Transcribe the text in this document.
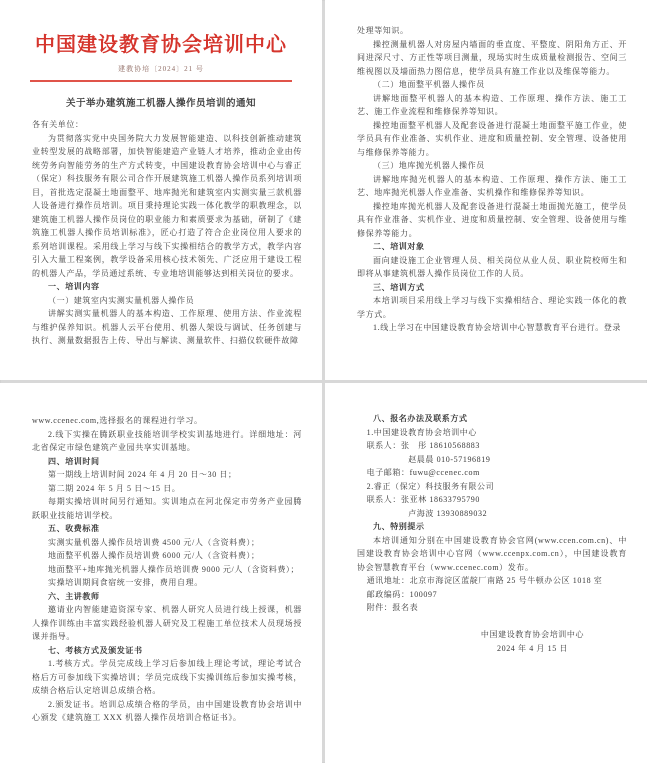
中国建设教育协会培训中心
建教协培〔2024〕21 号
关于举办建筑施工机器人操作员培训的通知

各有关单位：

为贯彻落实党中央国务院大力发展智能建造、以科技创新推动建筑业转型发展的战略部署，加快智能建造产业链人才培养，推动企业由传统劳务向智能劳务的生产方式转变，中国建设教育协会培训中心与睿正（保定）科技服务有限公司合作开展建筑施工机器人操作员系列培训项目，首批选定混凝土地面整平、地库抛光和建筑室内实测实量三款机器人设备进行操作员培训。项目秉持理论实践一体化教学的职教理念，以建筑施工机器人操作员岗位的职业能力和素质要求为基础，研制了《建筑施工机器人操作员培训标准》，匠心打造了符合企业岗位用人要求的系列培训课程。采用线上学习与线下实操相结合的教学方式，教学内容引入大量工程案例，教学设备采用核心技术领先、广泛应用于建设工程的机器人产品，学员通过系统、专业地培训能够达到相关岗位的要求。

一、培训内容

（一）建筑室内实测实量机器人操作员

讲解实测实量机器人的基本构造、工作原理、使用方法、作业流程与维护保养知识。机器人云平台使用、机器人架设与调试、任务创建与执行、测量数据报告上传、导出与解读、测量软件、扫描仪软硬件故障

处理等知识。

操控测量机器人对房屋内墙面的垂直度、平整度、阴阳角方正、开间进深尺寸、方正性等项目测量，现场实时生成质量检测报告、空间三维视图以及墙面热力图信息，使学员具有施工作业以及维保等能力。

（二）地面整平机器人操作员

讲解地面整平机器人的基本构造、工作原理、操作方法、施工工艺、施工作业流程和维修保养等知识。

操控地面整平机器人及配套设备进行混凝土地面整平施工作业，使学员具有作业准备、实机作业、进度和质量控制、安全管理、设备使用与维修保养等能力。

（三）地库抛光机器人操作员

讲解地库抛光机器人的基本构造、工作原理、操作方法、施工工艺、地库抛光机器人作业准备、实机操作和维修保养等知识。

操控地库抛光机器人及配套设备进行混凝土地面抛光施工，使学员具有作业准备、实机作业、进度和质量控制、安全管理、设备使用与维修保养等能力。

二、培训对象

面向建设施工企业管理人员、相关岗位从业人员、职业院校师生和即将从事建筑机器人操作员岗位工作的人员。

三、培训方式

本培训项目采用线上学习与线下实操相结合、理论实践一体化的教学方式。

1.线上学习在中国建设教育协会培训中心智慧教育平台进行。登录

www.ccenec.com,选择报名的课程进行学习。

2.线下实操在腾跃职业技能培训学校实训基地进行。详细地址：河北省保定市绿色建筑产业园共享实训基地。

四、培训时间

第一期线上培训时间 2024 年 4 月 20 日～30 日；

第二期 2024 年 5 月 5 日～15 日。

每期实操培训时间另行通知。实训地点在河北保定市劳务产业园腾跃职业技能培训学校。

五、收费标准

实测实量机器人操作员培训费 4500 元/人（含资料费）；

地面整平机器人操作员培训费 6000 元/人（含资料费）；

地面整平+地库抛光机器人操作员培训费 9000 元/人（含资料费）；

实操培训期间食宿统一安排，费用自理。

六、主讲教师

邀请业内智能建造资深专家、机器人研究人员进行线上授课，机器人操作训练由丰富实践经验机器人研究及工程施工单位技术人员现场授课并指导。

七、考核方式及颁发证书

1.考核方式。学员完成线上学习后参加线上理论考试，理论考试合格后方可参加线下实操培训；学员完成线下实操训练后参加实操考核，成绩合格后认定培训总成绩合格。

2.颁发证书。培训总成绩合格的学员，由中国建设教育协会培训中心颁发《建筑施工 XXX 机器人操作员培训合格证书》。

八、报名办法及联系方式

1.中国建设教育协会培训中心

联系人：张　彤 18610568883

赵晨晨 010-57196819

电子邮箱：fuwu@ccenec.com

2.睿正（保定）科技服务有限公司

联系人：张亚林 18633795790

卢海波 13930889032

九、特别提示

本培训通知分别在中国建设教育协会官网(www.ccen.com.cn)、中国建设教育协会培训中心官网（www.ccenpx.com.cn），中国建设教育协会智慧教育平台（www.ccenec.com）发布。

通讯地址：北京市海淀区蓝靛厂南路 25 号牛顿办公区 1018 室

邮政编码：100097

附件：报名表

中国建设教育协会培训中心

2024 年 4 月 15 日
